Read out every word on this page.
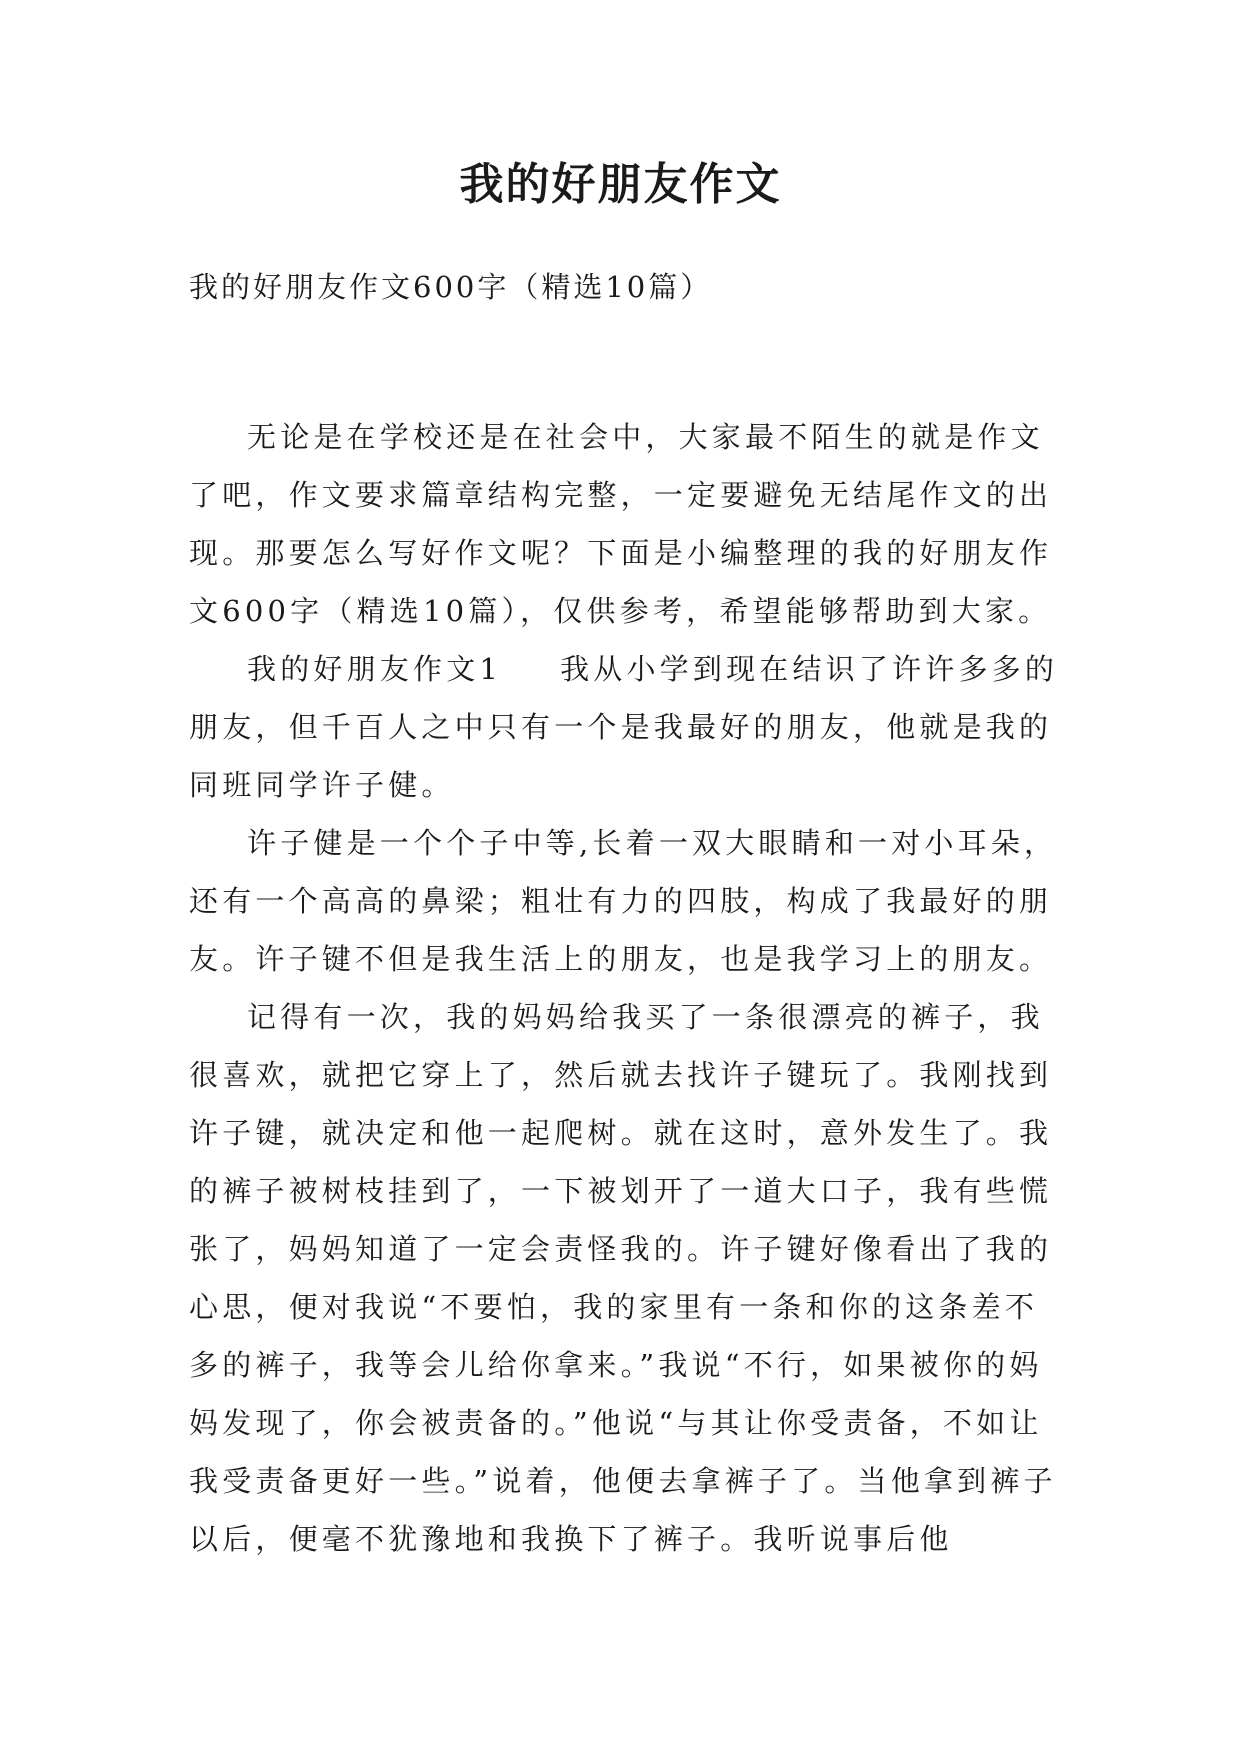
我的好朋友作文
我的好朋友作文600字（精选10篇）

无论是在学校还是在社会中，大家最不陌生的就是作文了吧，作文要求篇章结构完整，一定要避免无结尾作文的出现。那要怎么写好作文呢？下面是小编整理的我的好朋友作文600字（精选10篇），仅供参考，希望能够帮助到大家。

我的好朋友作文1 我从小学到现在结识了许许多多的朋友，但千百人之中只有一个是我最好的朋友，他就是我的同班同学许子健。

许子健是一个个子中等,长着一双大眼睛和一对小耳朵，还有一个高高的鼻梁；粗壮有力的四肢，构成了我最好的朋友。许子键不但是我生活上的朋友，也是我学习上的朋友。

记得有一次，我的妈妈给我买了一条很漂亮的裤子，我很喜欢，就把它穿上了，然后就去找许子键玩了。我刚找到许子键，就决定和他一起爬树。就在这时，意外发生了。我的裤子被树枝挂到了，一下被划开了一道大口子，我有些慌张了，妈妈知道了一定会责怪我的。许子键好像看出了我的心思，便对我说“不要怕，我的家里有一条和你的这条差不多的裤子，我等会儿给你拿来。”我说“不行，如果被你的妈妈发现了，你会被责备的。”他说“与其让你受责备，不如让我受责备更好一些。”说着，他便去拿裤子了。当他拿到裤子以后，便毫不犹豫地和我换下了裤子。我听说事后他
